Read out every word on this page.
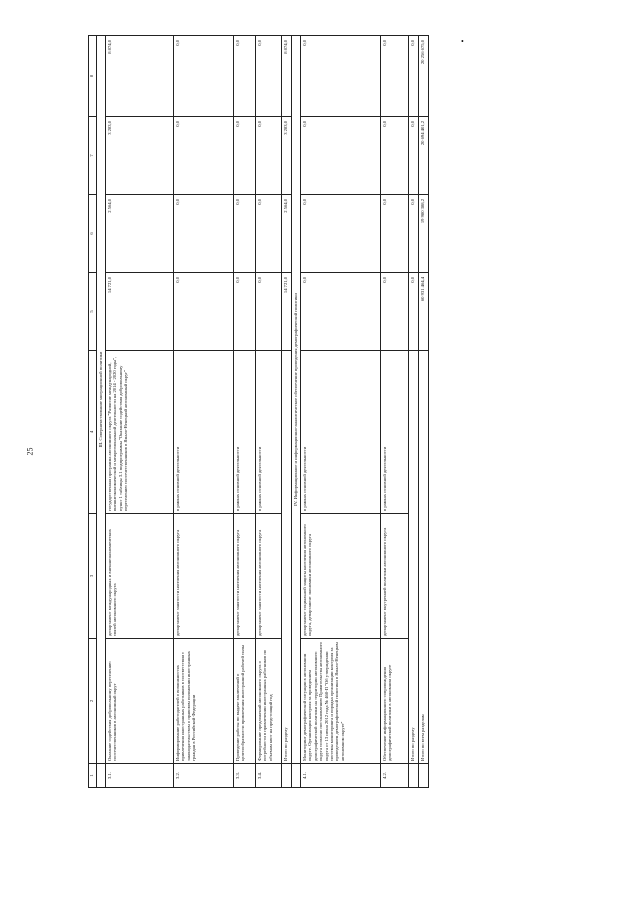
25
•
1	2	3	4	5	6	7	8
	III. Совершенствование миграционной политики						
3.1.	Оказание содействия добровольному переселению соотечественников в автономный округ	департамент международных и внешнеэкономических связей автономного округа	государственная программа автономного округа "Развитие международной, внешнеэкономической и межрегиональной деятельности на 2014 - 2020 годы", пункт 1 таблицы 3.1 подпрограммы "Оказание содействия добровольному переселению соотечественников в Ямало-Ненецкий автономный округ"	14 721,0	2 564,0	3 283,0	8 874,0
3.2.	Информирование работодателей о возможностях привлечения иностранных работников в соответствии с законодательством о правовом положении иностранных граждан в Российской Федерации	департамент занятости населения автономного округа	в рамках основной деятельности	0,0	0,0	0,0	0,0
3.3.	Проведение работы по выдаче заключений о целесообразности привлечения иностранной рабочей силы	департамент занятости населения автономного округа	в рамках основной деятельности	0,0	0,0	0,0	0,0
3.4.	Формирование предложений автономного округа о потребности в привлечении иностранных работников по объемам квот на предстоящий год	департамент занятости населения автономного округа	в рамках основной деятельности	0,0	0,0	0,0	0,0
	Итого по разделу			14 721,0	2 564,0	3 283,0	8 874,0
	IV. Информационное и информационно-аналитическое обеспечение проведения демографической политики						
4.1.	Мониторинг демографической ситуации в автономном округе. Организация контроля за проведением демографической политики на территории автономного округа согласно постановлению Правительства автономного округа от 13 июня 2012 года № 468-П "Об утверждении системы мониторинга и порядка организации контроля за проведением демографической политики в Ямало-Ненецком автономном округе"	департамент социальной защиты населения автономного округа, департамент экономики автономного округа	в рамках основной деятельности	0,0	0,0	0,0	0,0
4.2.	Обеспечение информационного сопровождения демографической политики в автономном округе	департамент внутренней политики автономного округа	в рамках основной деятельности	0,0	0,0	0,0	0,0
	Итого по разделу			0,0	0,0	0,0	0,0
	Итого по всем разделам			60 931 464,4	19 980 388,2	20 694 401,2	20 256 675,0
